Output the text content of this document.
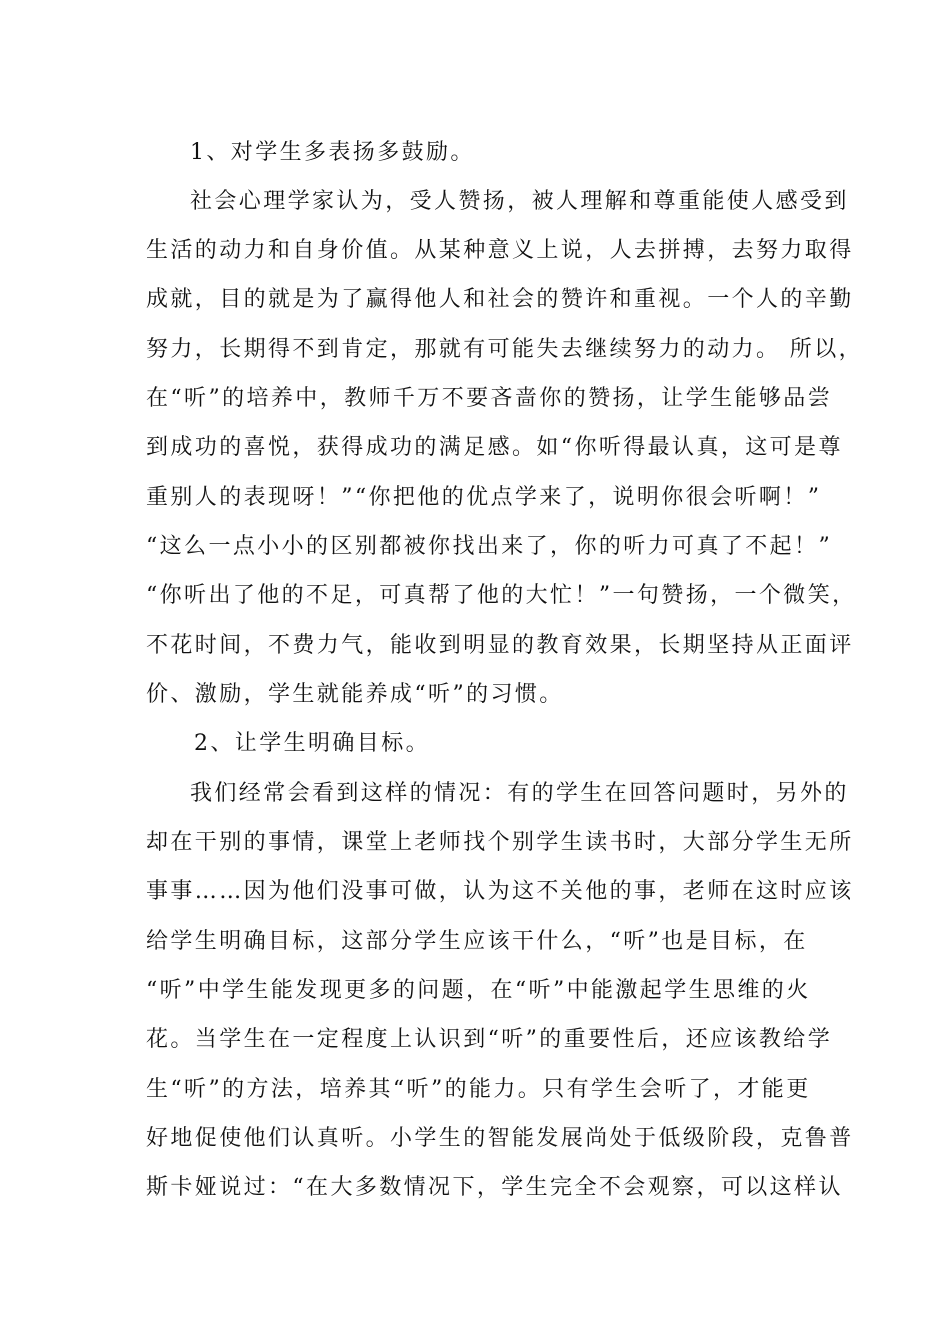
1、对学生多表扬多鼓励。
社会心理学家认为，受人赞扬，被人理解和尊重能使人感受到
生活的动力和自身价值。从某种意义上说，人去拼搏，去努力取得
成就，目的就是为了赢得他人和社会的赞许和重视。一个人的辛勤
努力，长期得不到肯定，那就有可能失去继续努力的动力。 所以，
在“听”的培养中，教师千万不要吝啬你的赞扬，让学生能够品尝
到成功的喜悦，获得成功的满足感。如“你听得最认真，这可是尊
重别人的表现呀！”“你把他的优点学来了，说明你很会听啊！”
“这么一点小小的区别都被你找出来了，你的听力可真了不起！”
“你听出了他的不足，可真帮了他的大忙！”一句赞扬，一个微笑，
不花时间，不费力气，能收到明显的教育效果，长期坚持从正面评
价、激励，学生就能养成“听”的习惯。
2、让学生明确目标。
我们经常会看到这样的情况：有的学生在回答问题时，另外的
却在干别的事情，课堂上老师找个别学生读书时，大部分学生无所
事事……因为他们没事可做，认为这不关他的事，老师在这时应该
给学生明确目标，这部分学生应该干什么，“听”也是目标，在
“听”中学生能发现更多的问题，在“听”中能激起学生思维的火
花。当学生在一定程度上认识到“听”的重要性后，还应该教给学
生“听”的方法，培养其“听”的能力。只有学生会听了，才能更
好地促使他们认真听。小学生的智能发展尚处于低级阶段，克鲁普
斯卡娅说过：“在大多数情况下，学生完全不会观察，可以这样认
